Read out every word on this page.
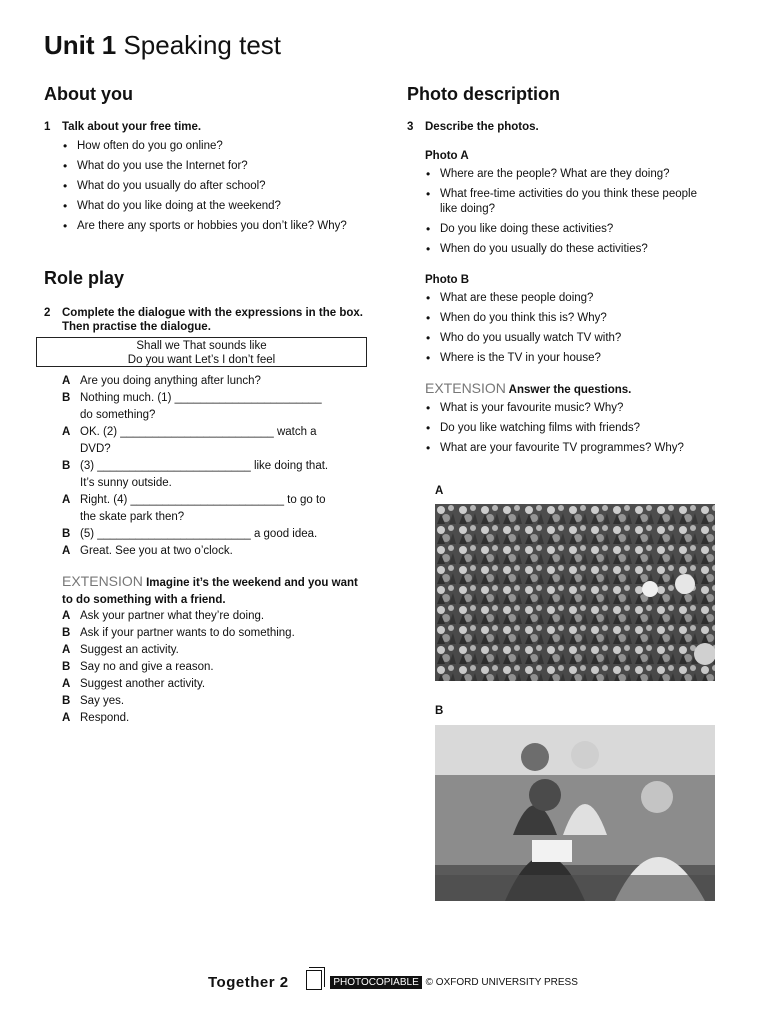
Unit 1 Speaking test
About you
1 Talk about your free time.
• How often do you go online?
• What do you use the Internet for?
• What do you usually do after school?
• What do you like doing at the weekend?
• Are there any sports or hobbies you don’t like? Why?
Role play
2 Complete the dialogue with the expressions in the box. Then practise the dialogue.
Shall we That sounds like
Do you want Let’s I don’t feel
A Are you doing anything after lunch?
B Nothing much. (1) _______________________
do something?
A OK. (2) ________________________ watch a
DVD?
B (3) ________________________ like doing that.
It’s sunny outside.
A Right. (4) ________________________ to go to
the skate park then?
B (5) ________________________ a good idea.
A Great. See you at two o’clock.
EXTENSION Imagine it’s the weekend and you want to do something with a friend.
A Ask your partner what they’re doing.
B Ask if your partner wants to do something.
A Suggest an activity.
B Say no and give a reason.
A Suggest another activity.
B Say yes.
A Respond.
Photo description
3 Describe the photos.
Photo A
• Where are the people? What are they doing?
• What free-time activities do you think these people like doing?
• Do you like doing these activities?
• When do you usually do these activities?
Photo B
• What are these people doing?
• When do you think this is? Why?
• Who do you usually watch TV with?
• Where is the TV in your house?
EXTENSION Answer the questions.
• What is your favourite music? Why?
• Do you like watching films with friends?
• What are your favourite TV programmes? Why?
A
B
Together 2	PHOTOCOPIABLE © OXFORD UNIVERSITY PRESS
